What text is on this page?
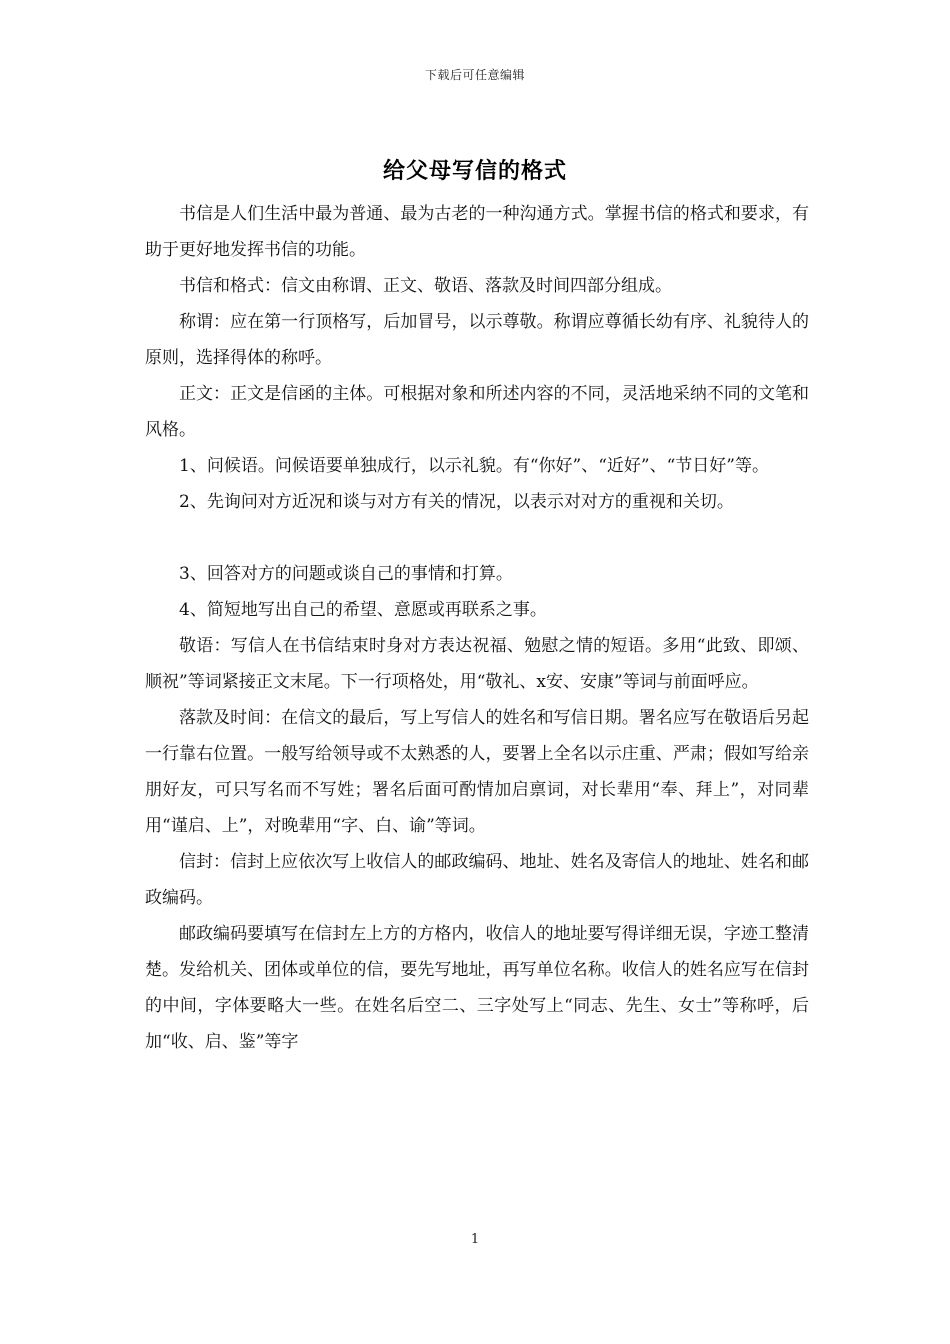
下载后可任意编辑
给父母写信的格式

书信是人们生活中最为普通、最为古老的一种沟通方式。掌握书信的格式和要求，有助于更好地发挥书信的功能。

书信和格式：信文由称谓、正文、敬语、落款及时间四部分组成。

称谓：应在第一行顶格写，后加冒号，以示尊敬。称谓应尊循长幼有序、礼貌待人的原则，选择得体的称呼。

正文：正文是信函的主体。可根据对象和所述内容的不同，灵活地采纳不同的文笔和风格。

1、问候语。问候语要单独成行，以示礼貌。有“你好”、“近好”、“节日好”等。

2、先询问对方近况和谈与对方有关的情况，以表示对对方的重视和关切。

3、回答对方的问题或谈自己的事情和打算。

4、简短地写出自己的希望、意愿或再联系之事。

敬语：写信人在书信结束时身对方表达祝福、勉慰之情的短语。多用“此致、即颂、顺祝”等词紧接正文末尾。下一行项格处，用“敬礼、x安、安康”等词与前面呼应。

落款及时间：在信文的最后，写上写信人的姓名和写信日期。署名应写在敬语后另起一行靠右位置。一般写给领导或不太熟悉的人，要署上全名以示庄重、严肃；假如写给亲朋好友，可只写名而不写姓；署名后面可酌情加启禀词，对长辈用“奉、拜上”，对同辈用“谨启、上”，对晚辈用“字、白、谕”等词。

信封：信封上应依次写上收信人的邮政编码、地址、姓名及寄信人的地址、姓名和邮政编码。

邮政编码要填写在信封左上方的方格内，收信人的地址要写得详细无误，字迹工整清楚。发给机关、团体或单位的信，要先写地址，再写单位名称。收信人的姓名应写在信封的中间，字体要略大一些。在姓名后空二、三字处写上“同志、先生、女士”等称呼，后加“收、启、鉴”等字

1
